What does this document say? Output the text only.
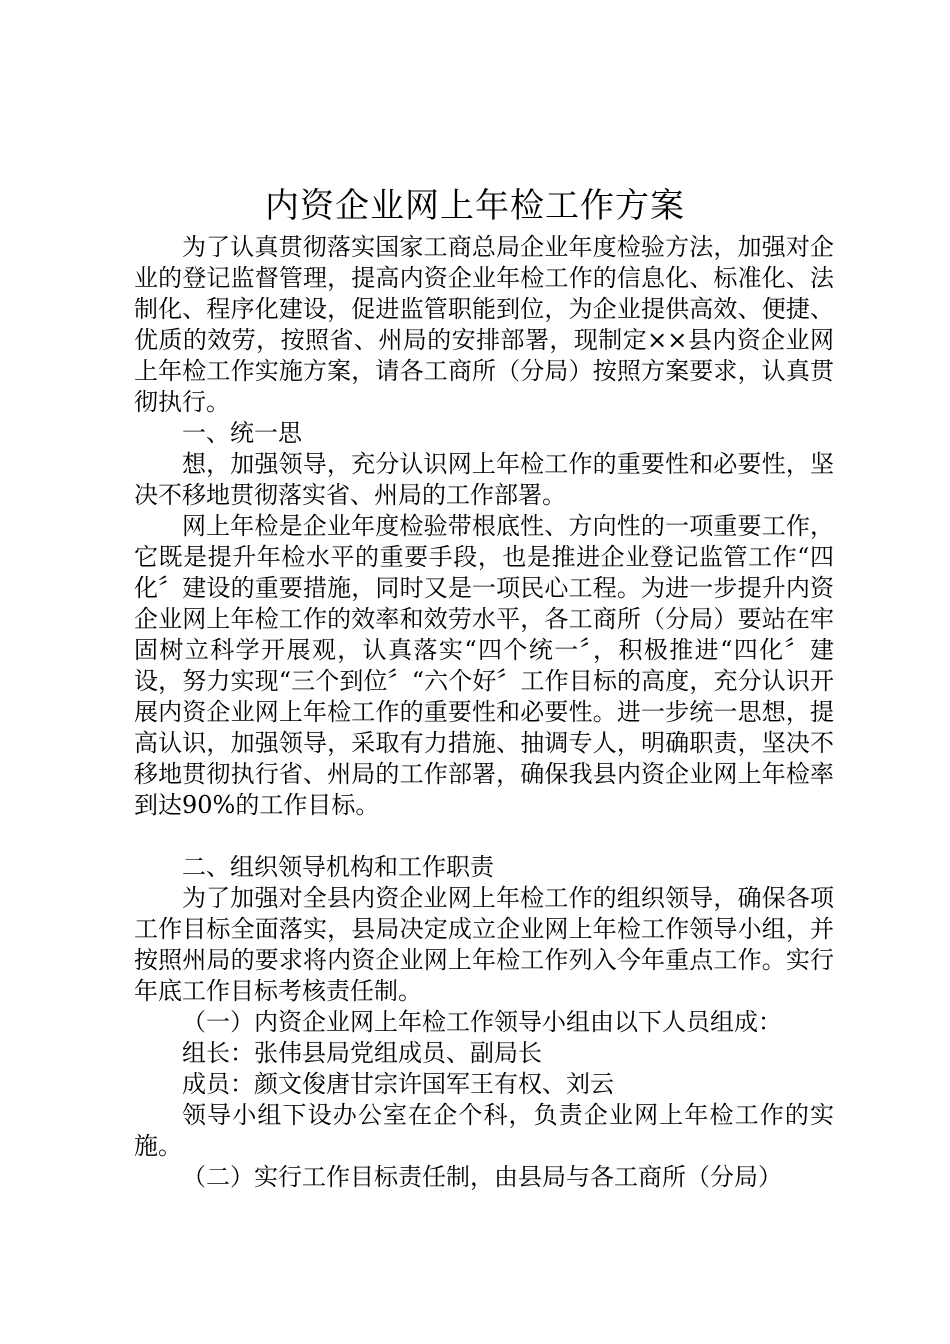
内资企业网上年检工作方案

为了认真贯彻落实国家工商总局企业年度检验方法，加强对企业的登记监督管理，提高内资企业年检工作的信息化、标准化、法制化、程序化建设，促进监管职能到位，为企业提供高效、便捷、优质的效劳，按照省、州局的安排部署，现制定××县内资企业网上年检工作实施方案，请各工商所（分局）按照方案要求，认真贯彻执行。

一、统一思

想，加强领导，充分认识网上年检工作的重要性和必要性，坚决不移地贯彻落实省、州局的工作部署。

网上年检是企业年度检验带根底性、方向性的一项重要工作，它既是提升年检水平的重要手段，也是推进企业登记监管工作“四化〞建设的重要措施，同时又是一项民心工程。为进一步提升内资企业网上年检工作的效率和效劳水平，各工商所（分局）要站在牢固树立科学开展观，认真落实“四个统一〞，积极推进“四化〞建设，努力实现“三个到位〞“六个好〞工作目标的高度，充分认识开展内资企业网上年检工作的重要性和必要性。进一步统一思想，提高认识，加强领导，采取有力措施、抽调专人，明确职责，坚决不移地贯彻执行省、州局的工作部署，确保我县内资企业网上年检率到达90%的工作目标。

二、组织领导机构和工作职责

为了加强对全县内资企业网上年检工作的组织领导，确保各项工作目标全面落实，县局决定成立企业网上年检工作领导小组，并按照州局的要求将内资企业网上年检工作列入今年重点工作。实行年底工作目标考核责任制。

（一）内资企业网上年检工作领导小组由以下人员组成：

组长：张伟县局党组成员、副局长

成员：颜文俊唐甘宗许国军王有权、刘云

领导小组下设办公室在企个科，负责企业网上年检工作的实施。

（二）实行工作目标责任制，由县局与各工商所（分局）
